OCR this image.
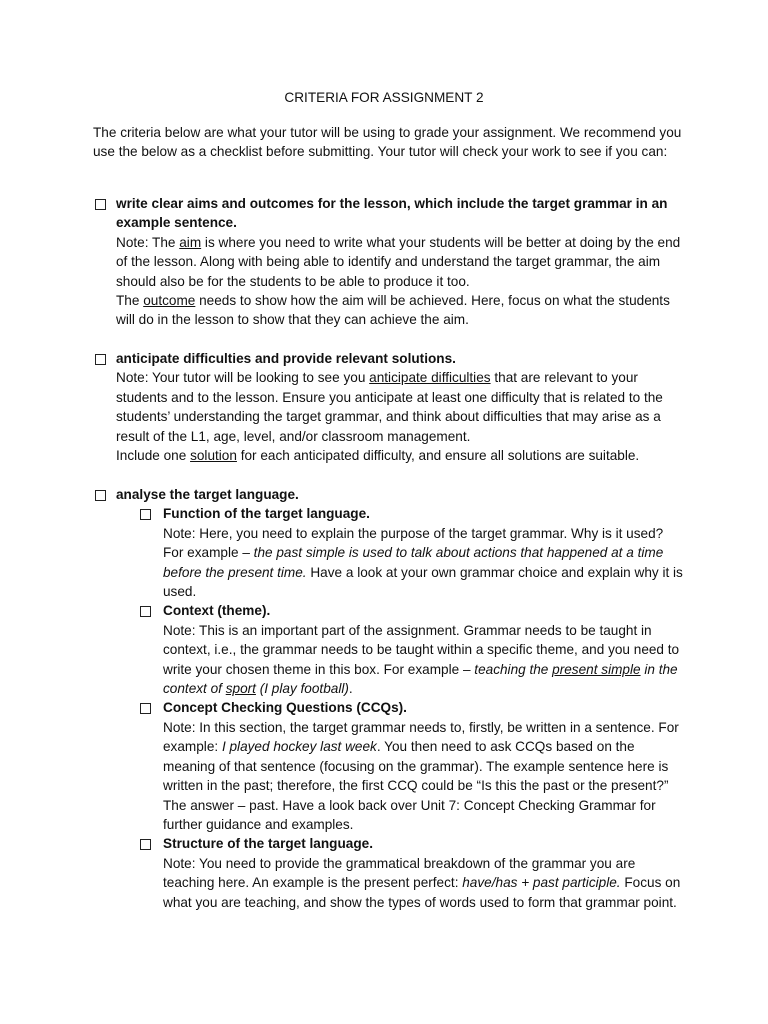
CRITERIA FOR ASSIGNMENT 2

The criteria below are what your tutor will be using to grade your assignment. We recommend you use the below as a checklist before submitting. Your tutor will check your work to see if you can:

write clear aims and outcomes for the lesson, which include the target grammar in an example sentence.

Note: The aim is where you need to write what your students will be better at doing by the end of the lesson. Along with being able to identify and understand the target grammar, the aim should also be for the students to be able to produce it too.

The outcome needs to show how the aim will be achieved. Here, focus on what the students will do in the lesson to show that they can achieve the aim.

anticipate difficulties and provide relevant solutions.

Note: Your tutor will be looking to see you anticipate difficulties that are relevant to your students and to the lesson. Ensure you anticipate at least one difficulty that is related to the students’ understanding the target grammar, and think about difficulties that may arise as a result of the L1, age, level, and/or classroom management.

Include one solution for each anticipated difficulty, and ensure all solutions are suitable.

analyse the target language.

Function of the target language.

Note: Here, you need to explain the purpose of the target grammar. Why is it used? For example – the past simple is used to talk about actions that happened at a time before the present time. Have a look at your own grammar choice and explain why it is used.

Context (theme).

Note: This is an important part of the assignment. Grammar needs to be taught in context, i.e., the grammar needs to be taught within a specific theme, and you need to write your chosen theme in this box. For example – teaching the present simple in the context of sport (I play football).

Concept Checking Questions (CCQs).

Note: In this section, the target grammar needs to, firstly, be written in a sentence. For example: I played hockey last week. You then need to ask CCQs based on the meaning of that sentence (focusing on the grammar). The example sentence here is written in the past; therefore, the first CCQ could be “Is this the past or the present?” The answer – past. Have a look back over Unit 7: Concept Checking Grammar for further guidance and examples.

Structure of the target language.

Note: You need to provide the grammatical breakdown of the grammar you are teaching here. An example is the present perfect: have/has + past participle. Focus on what you are teaching, and show the types of words used to form that grammar point.
